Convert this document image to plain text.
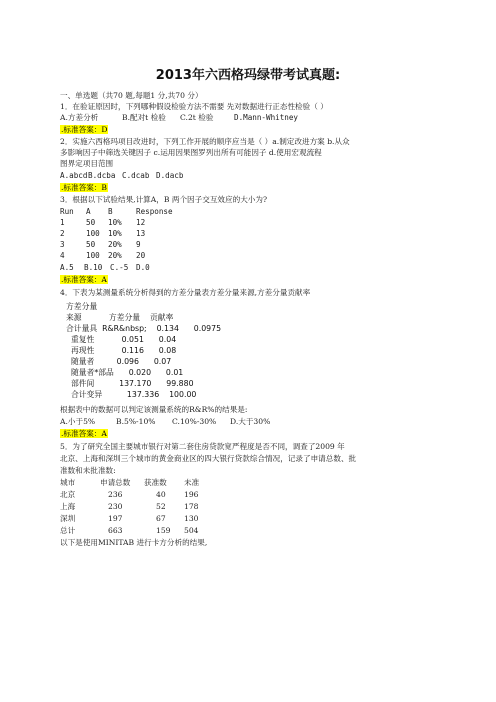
2013年六西格玛绿带考试真题:
一、单选题（共70 题,每题1 分,共70 分）
1．在验证原因时，下列哪种假设检验方法不需要 先对数据进行正态性检验（ ）
A.方差分析	B.配对t 检验 C.2t 检验	D.Mann-Whitney
.标准答案：D
2．实施六西格玛项目改进时，下列工作开展的顺序应当是（ ）a.制定改进方案 b.从众
多影响因子中筛选关键因子 c.运用因果图罗列出所有可能因子 d.使用宏观流程
图界定项目范围
A.abcdB.dcba C.dcab D.dacb
.标准答案：B
3．根据以下试验结果,计算A，B 两个因子交互效应的大小为?
Run A B	Response
1	50 10% 12
2	100 10% 13
3	50 20% 9
4	100 20% 20
A.5 B.10 C.-5 D.0
.标准答案：A
4．下表为某测量系统分析得到的方差分量表方差分量来源,方差分量贡献率
方差分量
来源           方差分量    贡献率
合计量具  R&R&nbsp;    0.134      0.0975
重复性           0.051      0.04
再现性           0.116      0.08
随量者         0.096      0.07
随量者*部品      0.020      0.01
部件间          137.170      99.880
合计变异          137.336    100.00
根据表中的数据可以判定该测量系统的R&R%的结果是:
A.小于5%	B.5%-10% C.10%-30% D.大于30%
.标准答案：A
5．为了研究全国主要城市银行对第二套住房贷款宽严程度是否不同，调查了2009 年
北京、上海和深圳三个城市的黄金商业区的四大银行贷款综合情况，记录了申请总数、批
准数和未批准数:
城市	申请总数 获准数 未准
北京	236	40 196
上海	230	52 178
深圳	197	67 130
总计	663	159 504
以下是使用MINITAB 进行卡方分析的结果,
